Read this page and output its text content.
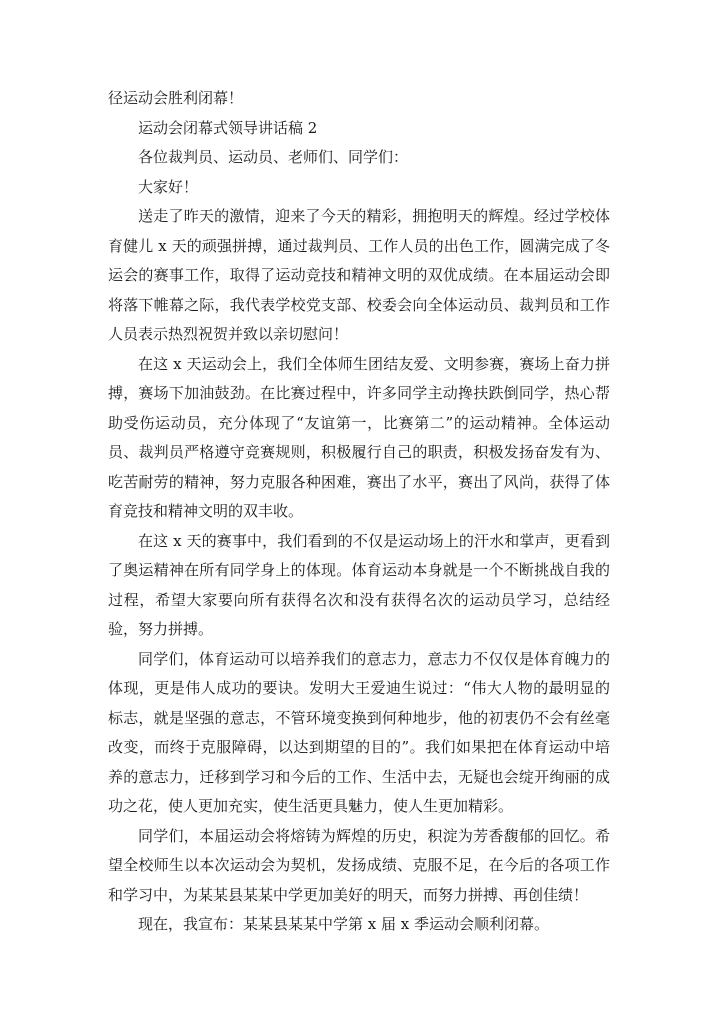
径运动会胜利闭幕！

运动会闭幕式领导讲话稿 2

各位裁判员、运动员、老师们、同学们：

大家好！

送走了昨天的激情，迎来了今天的精彩，拥抱明天的辉煌。经过学校体育健儿 x 天的顽强拼搏，通过裁判员、工作人员的出色工作，圆满完成了冬运会的赛事工作，取得了运动竞技和精神文明的双优成绩。在本届运动会即将落下帷幕之际，我代表学校党支部、校委会向全体运动员、裁判员和工作人员表示热烈祝贺并致以亲切慰问！

在这 x 天运动会上，我们全体师生团结友爱、文明参赛，赛场上奋力拼搏，赛场下加油鼓劲。在比赛过程中，许多同学主动搀扶跌倒同学，热心帮助受伤运动员，充分体现了“友谊第一，比赛第二”的运动精神。全体运动员、裁判员严格遵守竞赛规则，积极履行自己的职责，积极发扬奋发有为、吃苦耐劳的精神，努力克服各种困难，赛出了水平，赛出了风尚，获得了体育竞技和精神文明的双丰收。

在这 x 天的赛事中，我们看到的不仅是运动场上的汗水和掌声，更看到了奥运精神在所有同学身上的体现。体育运动本身就是一个不断挑战自我的过程，希望大家要向所有获得名次和没有获得名次的运动员学习，总结经验，努力拼搏。

同学们，体育运动可以培养我们的意志力，意志力不仅仅是体育魄力的体现，更是伟人成功的要诀。发明大王爱迪生说过：“伟大人物的最明显的标志，就是坚强的意志，不管环境变换到何种地步，他的初衷仍不会有丝毫改变，而终于克服障碍，以达到期望的目的”。我们如果把在体育运动中培养的意志力，迁移到学习和今后的工作、生活中去，无疑也会绽开绚丽的成功之花，使人更加充实，使生活更具魅力，使人生更加精彩。

同学们，本届运动会将熔铸为辉煌的历史，积淀为芳香馥郁的回忆。希望全校师生以本次运动会为契机，发扬成绩、克服不足，在今后的各项工作和学习中，为某某县某某中学更加美好的明天，而努力拼搏、再创佳绩！

现在，我宣布：某某县某某中学第 x 届 x 季运动会顺利闭幕。
